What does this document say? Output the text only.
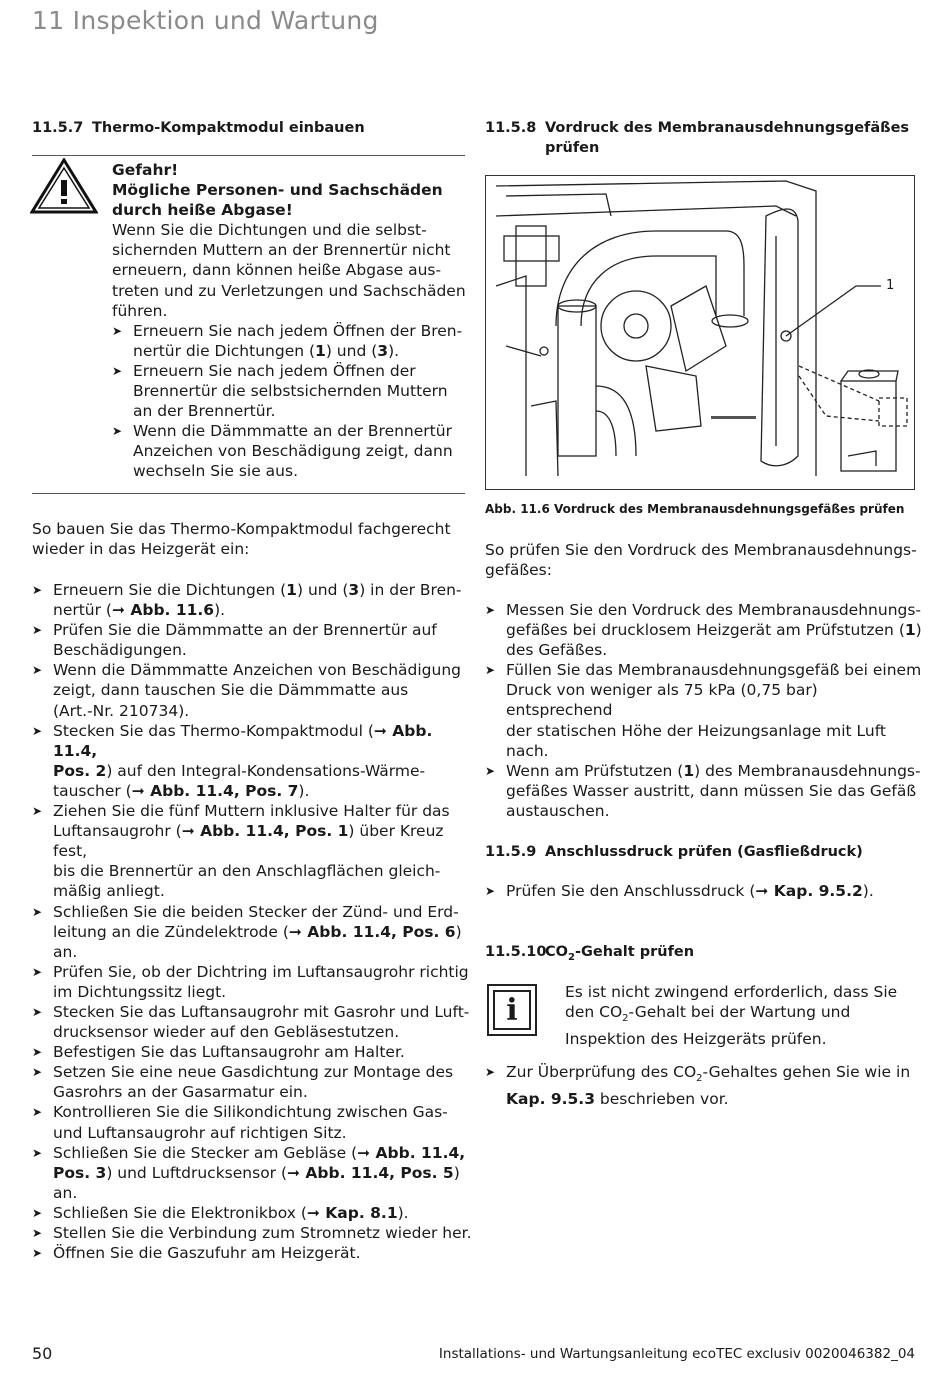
11 Inspektion und Wartung
11.5.7 Thermo-Kompaktmodul einbauen
Gefahr!
Mögliche Personen- und Sachschäden durch heiße Abgase!
Wenn Sie die Dichtungen und die selbst-
sichernden Muttern an der Brennertür nicht
erneuern, dann können heiße Abgase aus-
treten und zu Verletzungen und Sachschäden
führen.
➤ Erneuern Sie nach jedem Öffnen der Bren-
nertür die Dichtungen (1) und (3).
➤ Erneuern Sie nach jedem Öffnen der
Brennertür die selbstsichernden Muttern
an der Brennertür.
➤ Wenn die Dämmmatte an der Brennertür
Anzeichen von Beschädigung zeigt, dann
wechseln Sie sie aus.
So bauen Sie das Thermo-Kompaktmodul fachgerecht
wieder in das Heizgerät ein:
➤ Erneuern Sie die Dichtungen (1) und (3) in der Bren-
nertür (➞ Abb. 11.6).
➤ Prüfen Sie die Dämmmatte an der Brennertür auf
Beschädigungen.
➤ Wenn die Dämmmatte Anzeichen von Beschädigung
zeigt, dann tauschen Sie die Dämmmatte aus
(Art.-Nr. 210734).
➤ Stecken Sie das Thermo-Kompaktmodul (➞ Abb. 11.4,
Pos. 2) auf den Integral-Kondensations-Wärme-
tauscher (➞ Abb. 11.4, Pos. 7).
➤ Ziehen Sie die fünf Muttern inklusive Halter für das
Luftansaugrohr (➞ Abb. 11.4, Pos. 1) über Kreuz fest,
bis die Brennertür an den Anschlagflächen gleich-
mäßig anliegt.
➤ Schließen Sie die beiden Stecker der Zünd- und Erd-
leitung an die Zündelektrode (➞ Abb. 11.4, Pos. 6) an.
➤ Prüfen Sie, ob der Dichtring im Luftansaugrohr richtig
im Dichtungssitz liegt.
➤ Stecken Sie das Luftansaugrohr mit Gasrohr und Luft-
drucksensor wieder auf den Gebläsestutzen.
➤ Befestigen Sie das Luftansaugrohr am Halter.
➤ Setzen Sie eine neue Gasdichtung zur Montage des
Gasrohrs an der Gasarmatur ein.
➤ Kontrollieren Sie die Silikondichtung zwischen Gas-
und Luftansaugrohr auf richtigen Sitz.
➤ Schließen Sie die Stecker am Gebläse (➞ Abb. 11.4,
Pos. 3) und Luftdrucksensor (➞ Abb. 11.4, Pos. 5) an.
➤ Schließen Sie die Elektronikbox (➞ Kap. 8.1).
➤ Stellen Sie die Verbindung zum Stromnetz wieder her.
➤ Öffnen Sie die Gaszufuhr am Heizgerät.
11.5.8 Vordruck des Membranausdehnungsgefäßes
prüfen
1
Abb. 11.6 Vordruck des Membranausdehnungsgefäßes prüfen
So prüfen Sie den Vordruck des Membranausdehnungs-
gefäßes:
➤ Messen Sie den Vordruck des Membranausdehnungs-
gefäßes bei drucklosem Heizgerät am Prüfstutzen (1)
des Gefäßes.
➤ Füllen Sie das Membranausdehnungsgefäß bei einem
Druck von weniger als 75 kPa (0,75 bar) entsprechend
der statischen Höhe der Heizungsanlage mit Luft
nach.
➤ Wenn am Prüfstutzen (1) des Membranausdehnungs-
gefäßes Wasser austritt, dann müssen Sie das Gefäß
austauschen.
11.5.9 Anschlussdruck prüfen (Gasfließdruck)
➤ Prüfen Sie den Anschlussdruck (➞ Kap. 9.5.2).
$11.5.10CO_2$-Gehalt prüfen
i
Es ist nicht zwingend erforderlich, dass Sie
den $CO_2$-Gehalt bei der Wartung und
Inspektion des Heizgeräts prüfen.
➤ Zur Überprüfung des $CO_2$-Gehaltes gehen Sie wie in
Kap. 9.5.3 beschrieben vor.
50	Installations- und Wartungsanleitung ecoTEC exclusiv 0020046382_04
